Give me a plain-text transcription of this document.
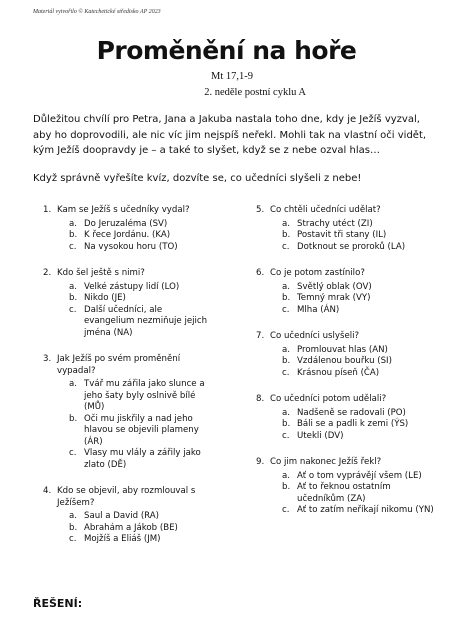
Materiál vytvořilo © Katechetické středisko AP 2023
Proměnění na hoře
Mt 17,1-9
2. neděle postní cyklu A
Důležitou chvílí pro Petra, Jana a Jakuba nastala toho dne, kdy je Ježíš vyzval, aby ho doprovodili, ale nic víc jim nejspíš neřekl. Mohli tak na vlastní oči vidět, kým Ježíš doopravdy je – a také to slyšet, když se z nebe ozval hlas…
Když správně vyřešíte kvíz, dozvíte se, co učedníci slyšeli z nebe!
1. Kam se Ježíš s učedníky vydal?
a. Do Jeruzaléma (SV)
b. K řece Jordánu. (KA)
c. Na vysokou horu (TO)
2. Kdo šel ještě s nimi?
a. Velké zástupy lidí (LO)
b. Nikdo (JE)
c. Další učedníci, ale evangelium nezmiňuje jejich jména (NA)
3. Jak Ježíš po svém proměnění vypadal?
a. Tvář mu zářila jako slunce a jeho šaty byly oslnivě bílé (MŮ)
b. Oči mu jiskřily a nad jeho hlavou se objevili plameny (ÁR)
c. Vlasy mu vlály a zářily jako zlato (DĚ)
4. Kdo se objevil, aby rozmlouval s Ježíšem?
a. Saul a David (RA)
b. Abrahám a Jákob (BE)
c. Mojžíš a Eliáš (JM)
5. Co chtěli učedníci udělat?
a. Strachy utéct (ZI)
b. Postavit tři stany (IL)
c. Dotknout se proroků (LA)
6. Co je potom zastínilo?
a. Světlý oblak (OV)
b. Temný mrak (VY)
c. Mlha (ÁN)
7. Co učedníci uslyšeli?
a. Promlouvat hlas (AN)
b. Vzdálenou bouřku (SI)
c. Krásnou píseň (ČA)
8. Co učedníci potom udělali?
a. Nadšeně se radovali (PO)
b. Báli se a padli k zemi (ÝS)
c. Utekli (DV)
9. Co jim nakonec Ježíš řekl?
a. Ať o tom vyprávějí všem (LE)
b. Ať to řeknou ostatním učedníkům (ZA)
c. Ať to zatím neříkají nikomu (YN)
ŘEŠENÍ:
